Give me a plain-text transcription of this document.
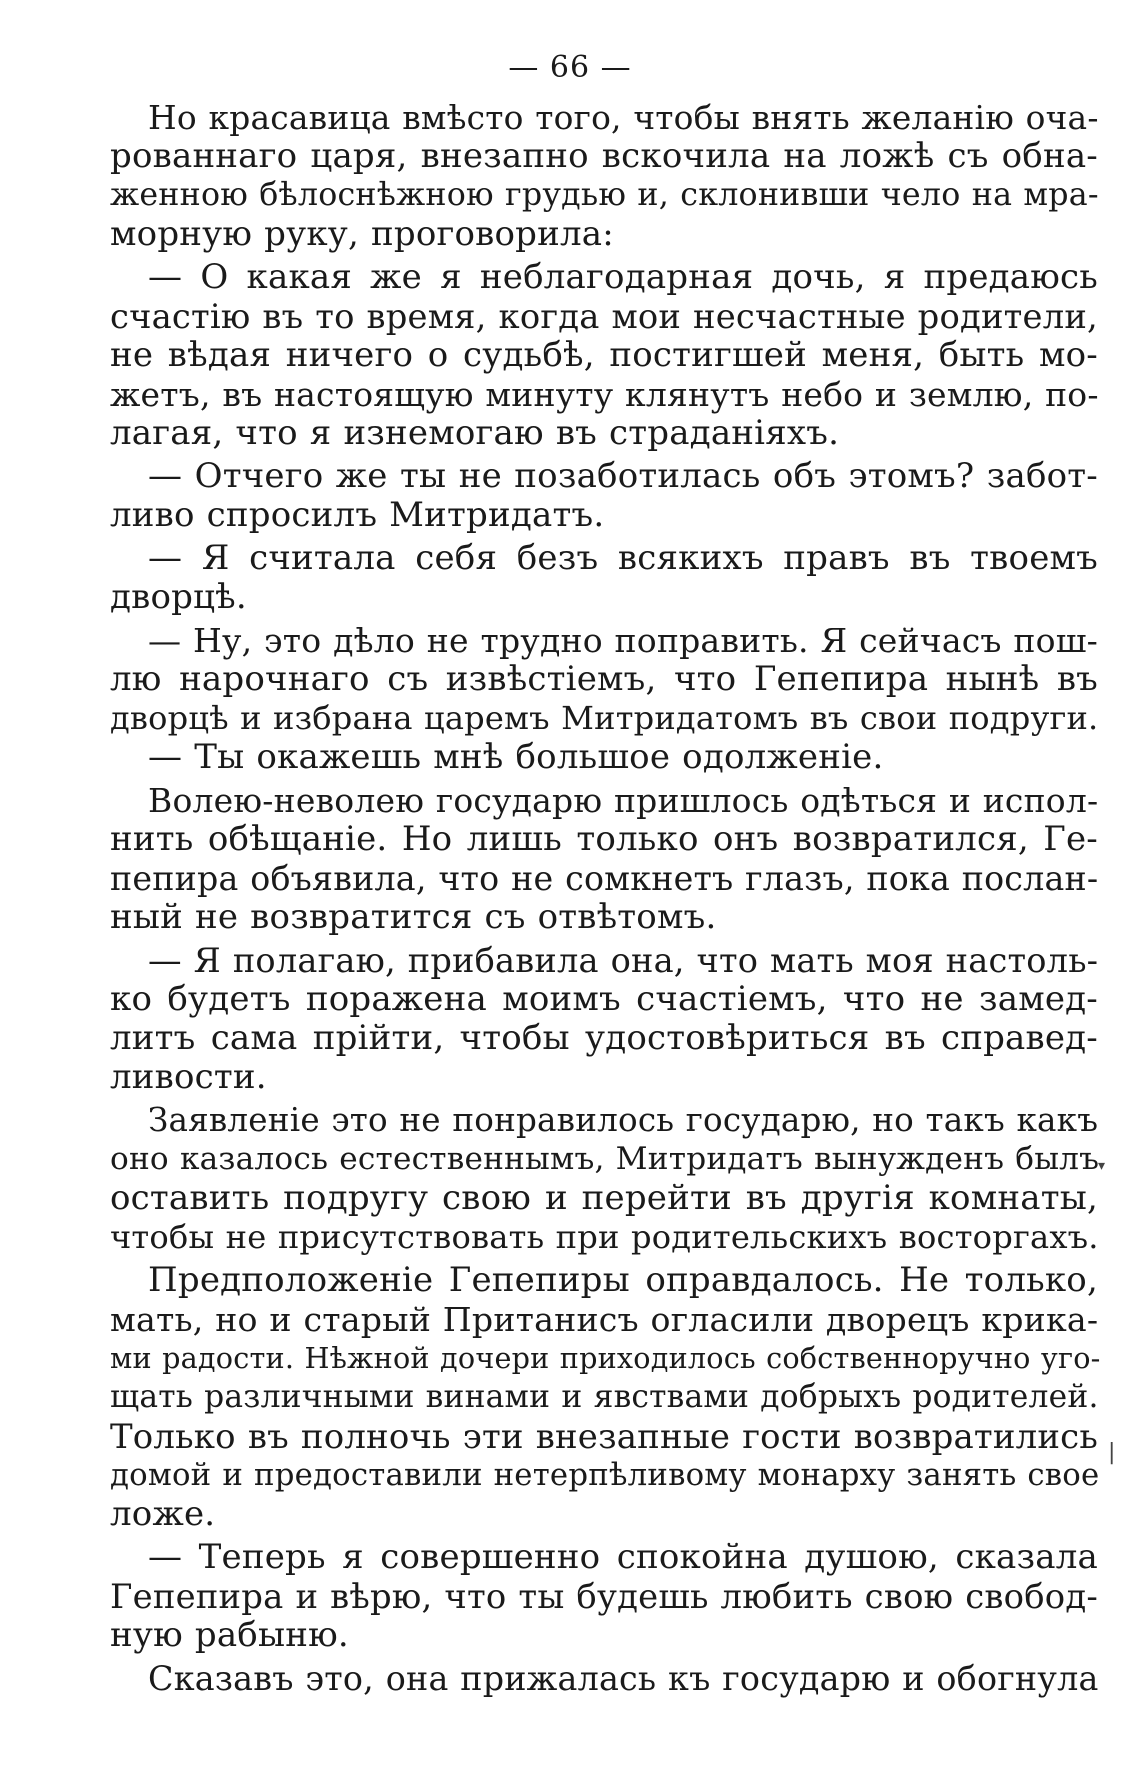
— 66 —
Но красавица вмѣсто того, чтобы внять желанiю оча-
рованнаго царя, внезапно вскочила на ложѣ съ обна-
женною бѣлоснѣжною грудью и, склонивши чело на мра-
морную руку, проговорила:
— О какая же я неблагодарная дочь, я предаюсь
счастiю въ то время, когда мои несчастные родители,
не вѣдая ничего о судьбѣ, постигшей меня, быть мо-
жетъ, въ настоящую минуту клянутъ небо и землю, по-
лагая, что я изнемогаю въ страданiяхъ.
— Отчего же ты не позаботилась объ этомъ? забот-
ливо спросилъ Митридатъ.
— Я считала себя безъ всякихъ правъ въ твоемъ
дворцѣ.
— Ну, это дѣло не трудно поправить. Я сейчасъ пош-
лю нарочнаго съ извѣстiемъ, что Гепепира нынѣ въ
дворцѣ и избрана царемъ Митридатомъ въ свои подруги.
— Ты окажешь мнѣ большое одолженiе.
Волею-неволею государю пришлось одѣться и испол-
нить обѣщанiе. Но лишь только онъ возвратился, Ге-
пепира объявила, что не сомкнетъ глазъ, пока послан-
ный не возвратится съ отвѣтомъ.
— Я полагаю, прибавила она, что мать моя настоль-
ко будетъ поражена моимъ счастiемъ, что не замед-
литъ сама прiйти, чтобы удостовѣриться въ справед-
ливости.
Заявленiе это не понравилось государю, но такъ какъ
оно казалось естественнымъ, Митридатъ вынужденъ былъ
оставить подругу свою и перейти въ другiя комнаты,
чтобы не присутствовать при родительскихъ восторгахъ.
Предположенiе Гепепиры оправдалось. Не только,
мать, но и старый Пританисъ огласили дворецъ крика-
ми радости. Нѣжной дочери приходилось собственноручно уго-
щать различными винами и явствами добрыхъ родителей.
Только въ полночь эти внезапные гости возвратились
домой и предоставили нетерпѣливому монарху занять свое
ложе.
— Теперь я совершенно спокойна душою, сказала
Гепепира и вѣрю, что ты будешь любить свою свобод-
ную рабыню.
Сказавъ это, она прижалась къ государю и обогнула
▾
|
